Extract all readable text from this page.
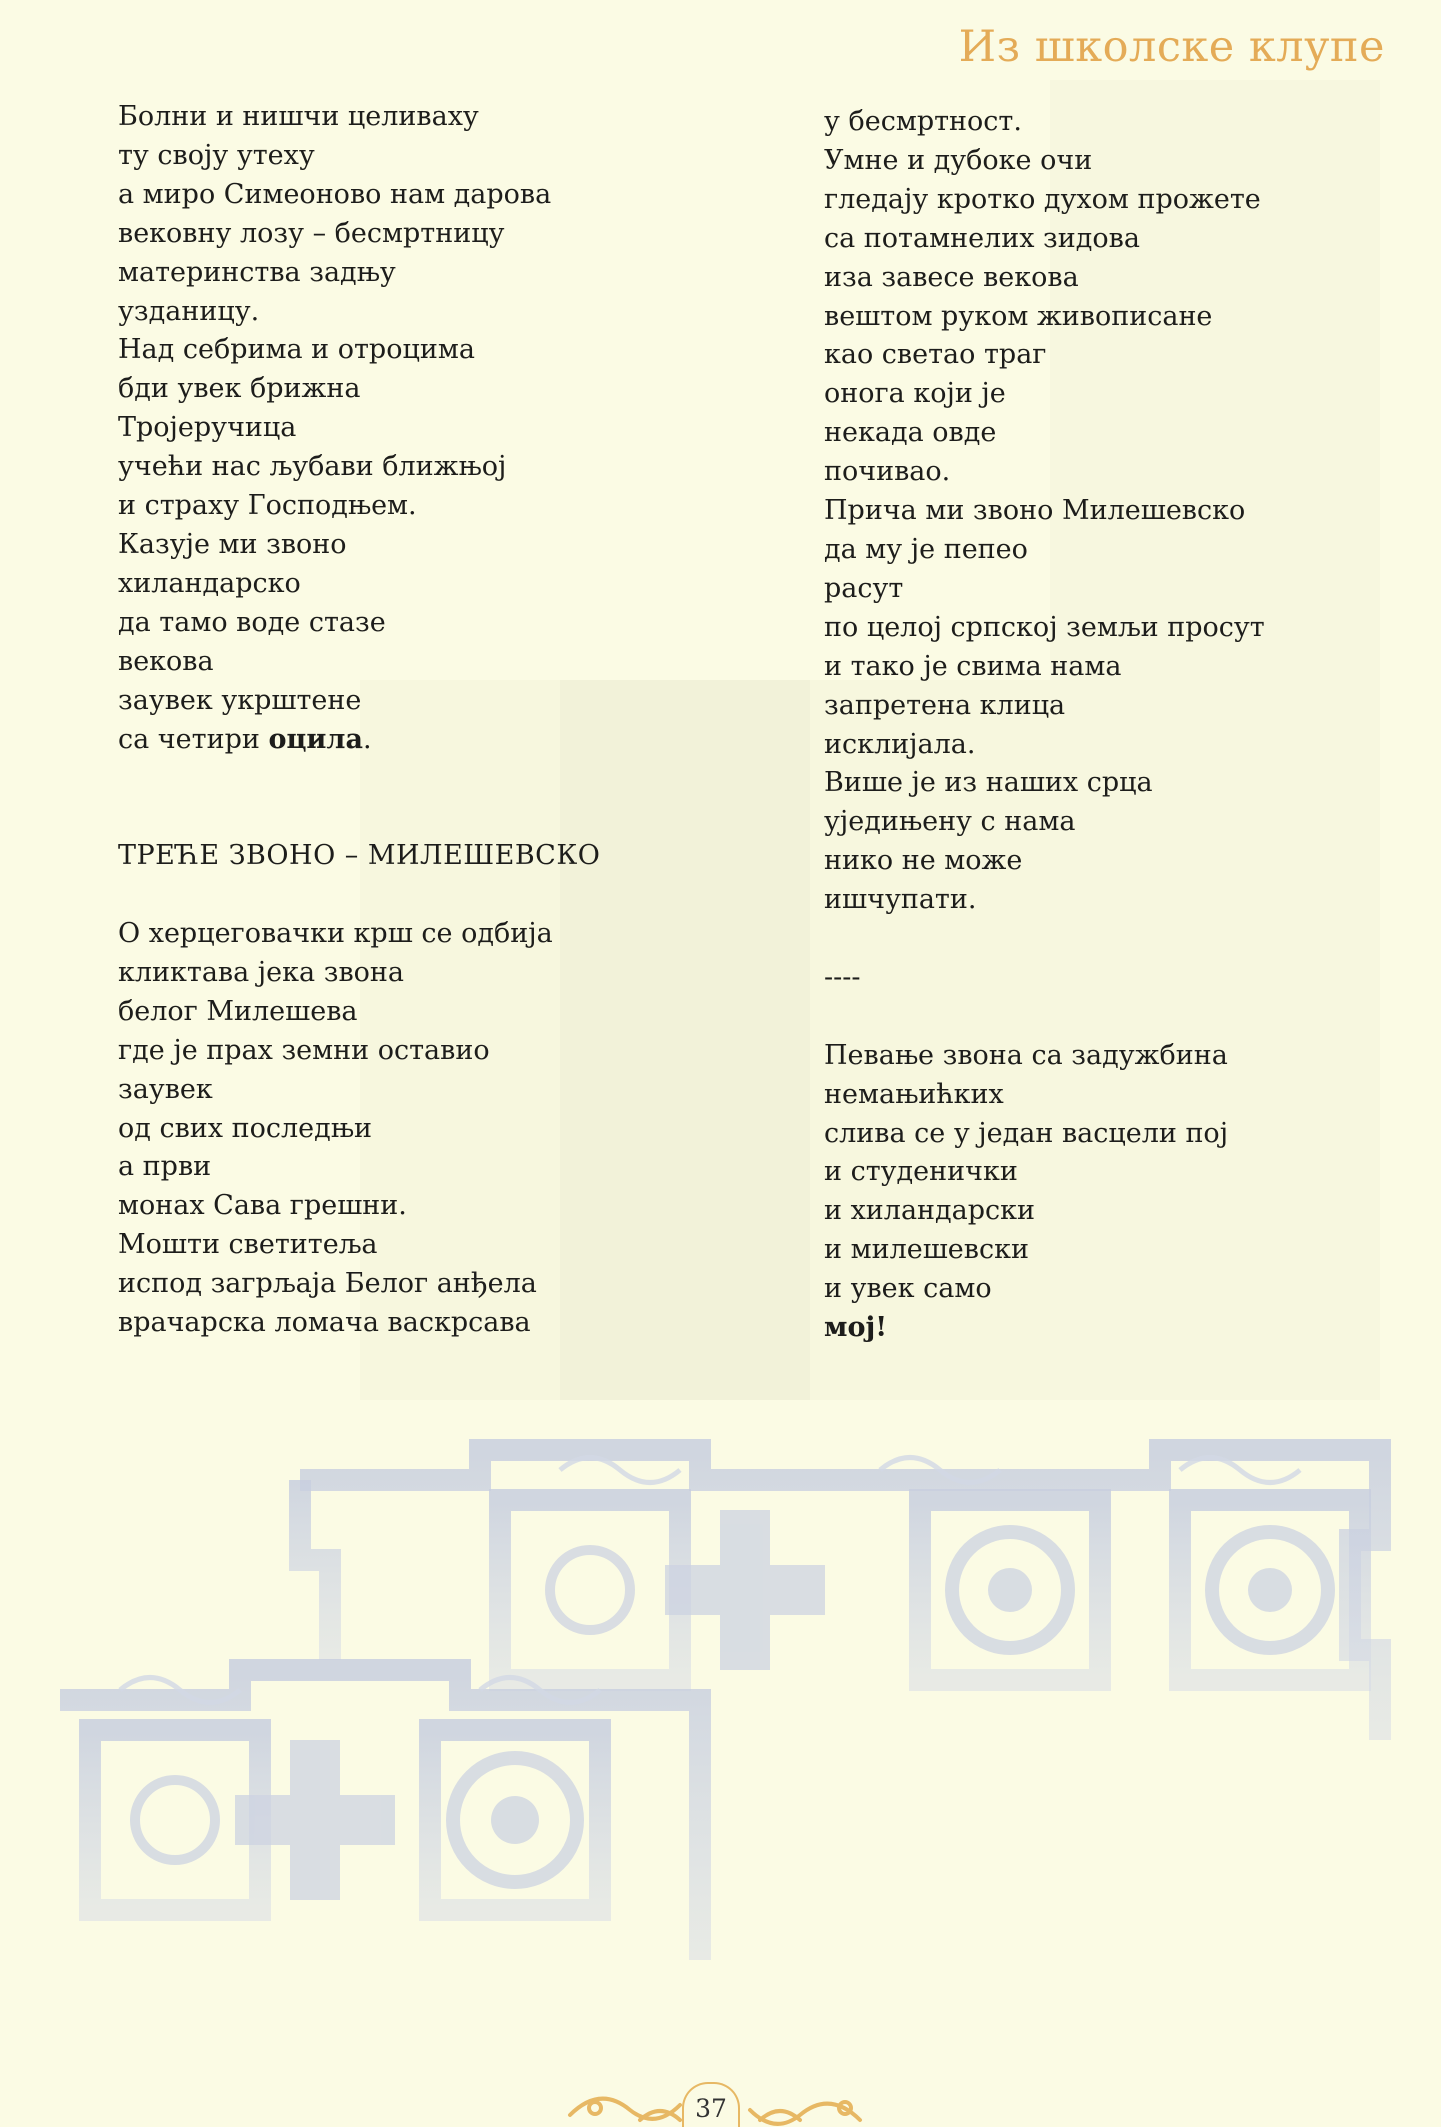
Из школске клупе
Болни и нишчи целиваху
ту своју утеху
а миро Симеоново нам дарова
вековну лозу – бесмртницу
материнства задњу
узданицу.
Над себрима и отроцима
бди увек брижна
Тројеручица
учећи нас љубави ближњој
и страху Господњем.
Казује ми звоно
хиландарско
да тамо воде стазе
векова
заувек укрштене
са четири оцила.
ТРЕЋЕ ЗВОНО – МИЛЕШЕВСКО
О херцеговачки крш се одбија
кликтава јека звона
белог Милешева
где је прах земни оставио
заувек
од свих последњи
а први
монах Сава грешни.
Мошти светитеља
испод загрљаја Белог анђела
врачарска ломача васкрсава
у бесмртност.
Умне и дубоке очи
гледају кротко духом прожете
са потамнелих зидова
иза завесе векова
вештом руком живописане
као светао траг
онога који је
некада овде
почивао.
Прича ми звоно Милешевско
да му је пепео
расут
по целој српској земљи просут
и тако је свима нама
запретена клица
исклијала.
Више је из наших срца
уједињену с нама
нико не може
ишчупати.
----
Певање звона са задужбина
немањићких
слива се у један васцели поj
и студенички
и хиландарски
и милешевски
и увек само
мој!
37
